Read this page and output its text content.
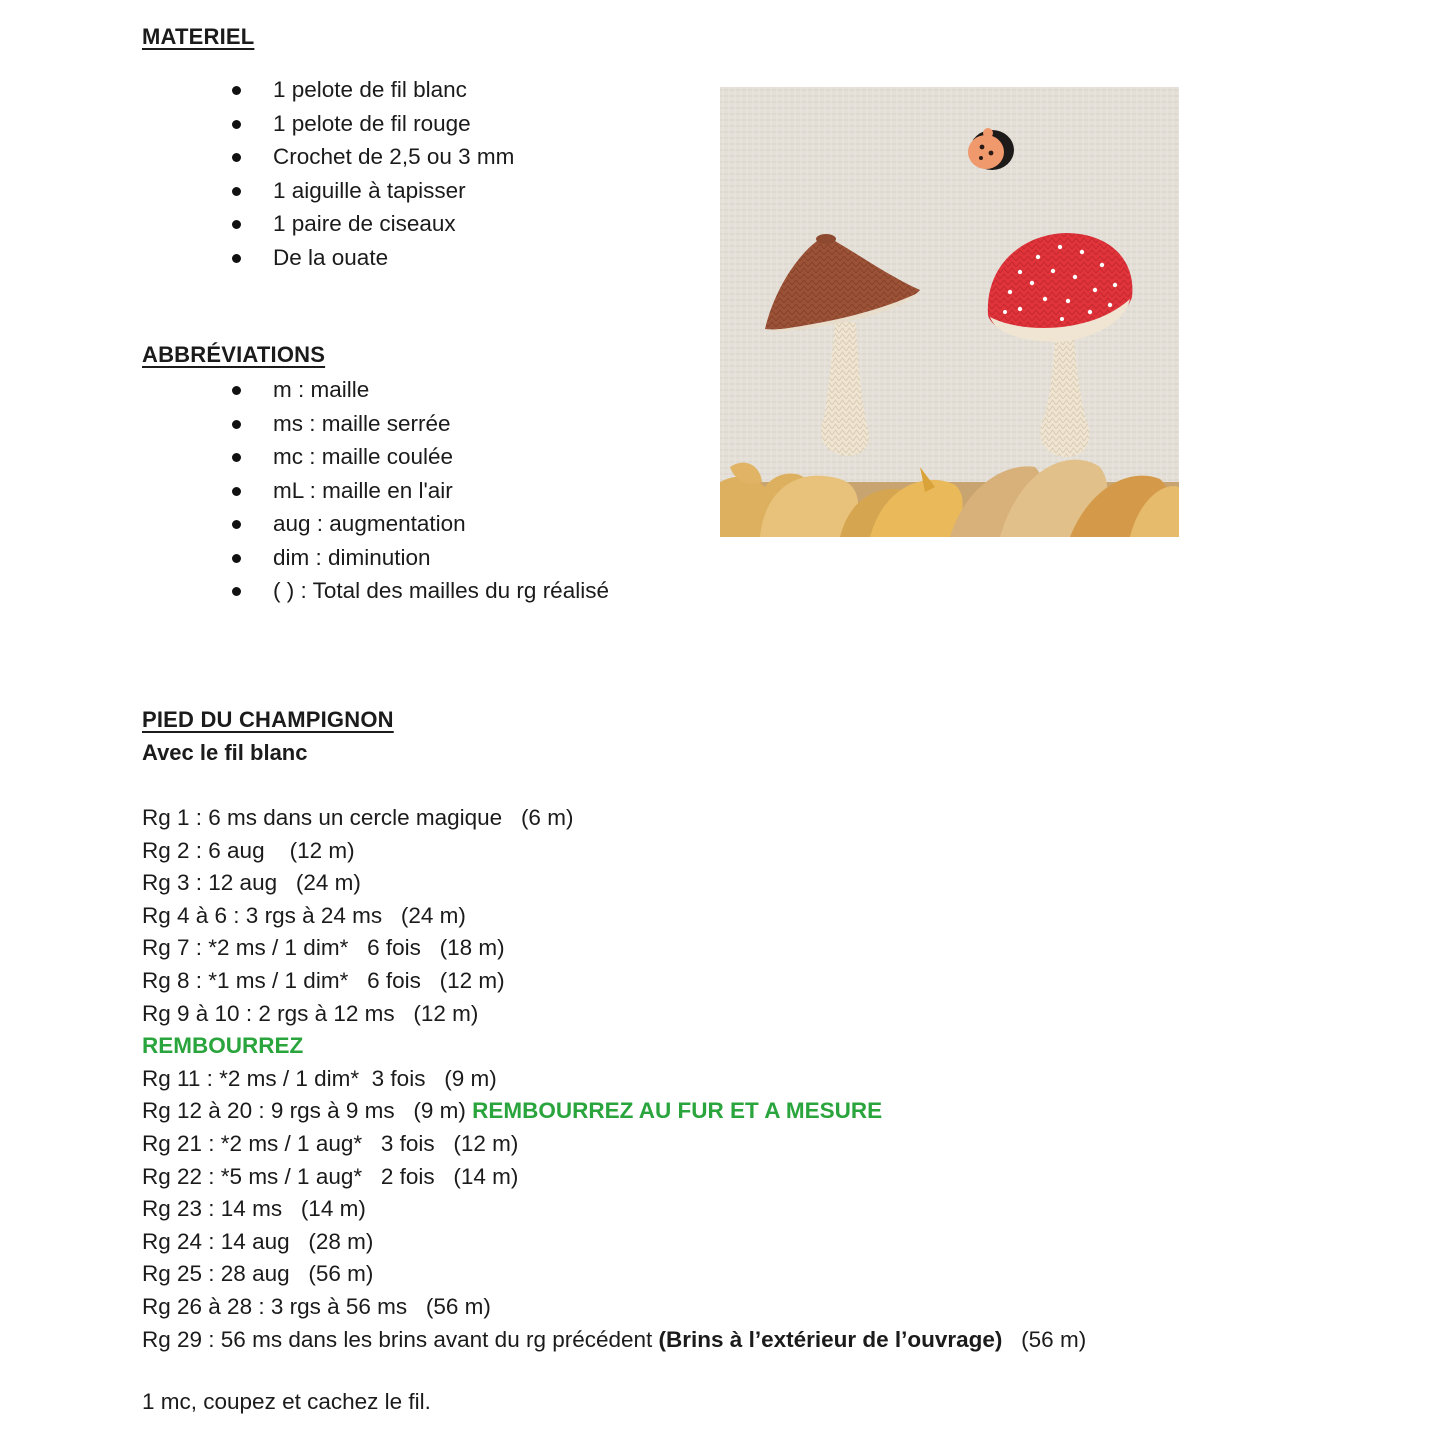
MATERIEL
1 pelote de fil blanc
1 pelote de fil rouge
Crochet de 2,5 ou 3 mm
1 aiguille à tapisser
1 paire de ciseaux
De la ouate
ABBRÉVIATIONS
m : maille
ms : maille serrée
mc : maille coulée
mL : maille en l'air
aug : augmentation
dim : diminution
( ) : Total des mailles du rg réalisé
PIED DU CHAMPIGNON
Avec le fil blanc
Rg 1 : 6 ms dans un cercle magique   (6 m)
Rg 2 : 6 aug    (12 m)
Rg 3 : 12 aug   (24 m)
Rg 4 à 6 : 3 rgs à 24 ms   (24 m)
Rg 7 : *2 ms / 1 dim*   6 fois   (18 m)
Rg 8 : *1 ms / 1 dim*   6 fois   (12 m)
Rg 9 à 10 : 2 rgs à 12 ms   (12 m)
REMBOURREZ
Rg 11 : *2 ms / 1 dim*  3 fois   (9 m)
Rg 12 à 20 : 9 rgs à 9 ms   (9 m) REMBOURREZ AU FUR ET A MESURE
Rg 21 : *2 ms / 1 aug*   3 fois   (12 m)
Rg 22 : *5 ms / 1 aug*   2 fois   (14 m)
Rg 23 : 14 ms   (14 m)
Rg 24 : 14 aug   (28 m)
Rg 25 : 28 aug   (56 m)
Rg 26 à 28 : 3 rgs à 56 ms   (56 m)
Rg 29 : 56 ms dans les brins avant du rg précédent (Brins à l’extérieur de l’ouvrage)   (56 m)
1 mc, coupez et cachez le fil.
